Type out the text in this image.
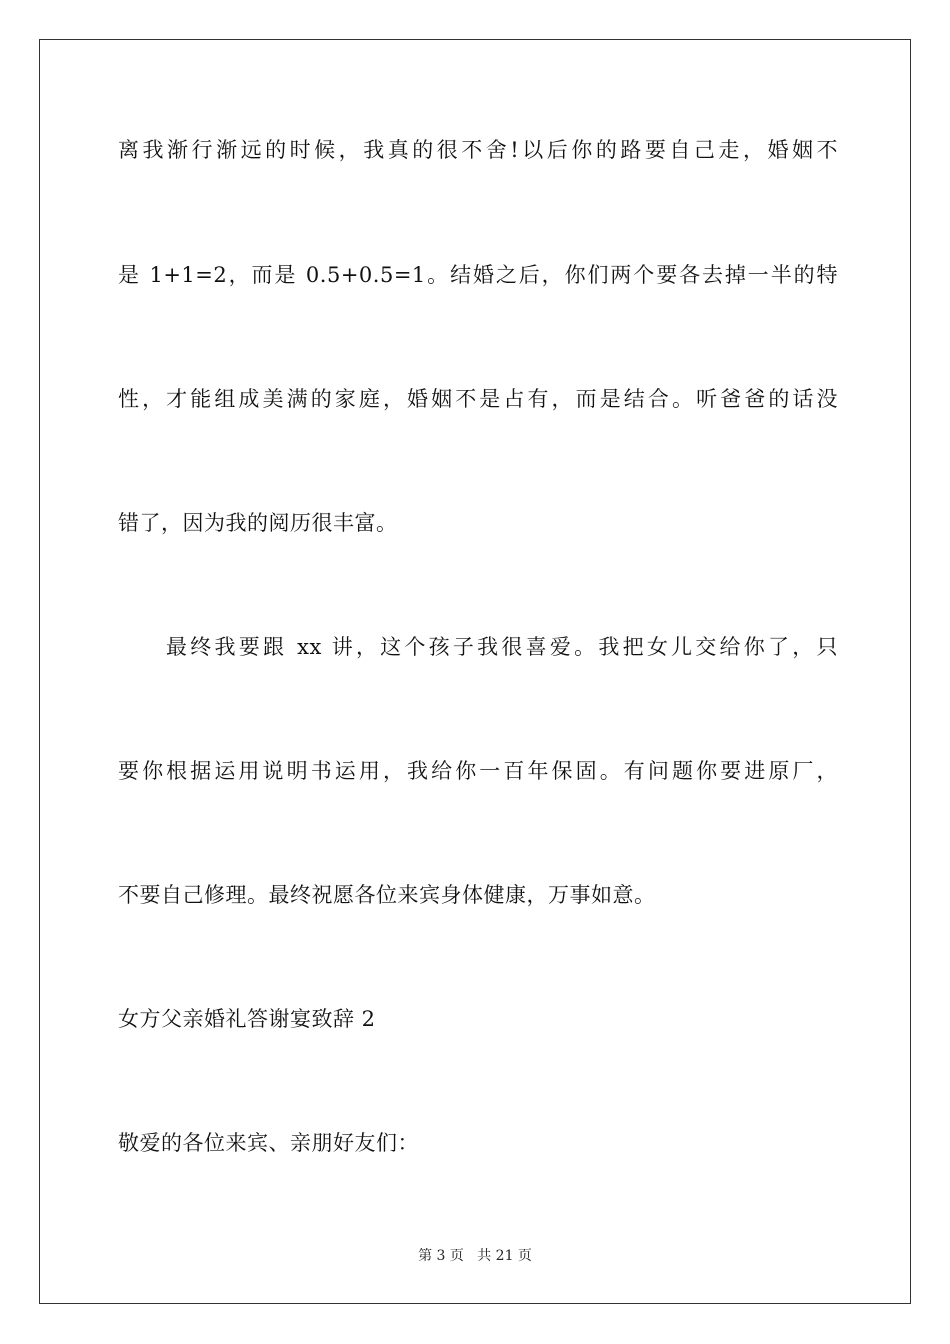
离我渐行渐远的时候，我真的很不舍!以后你的路要自己走，婚姻不
是 1+1=2，而是 0.5+0.5=1。结婚之后，你们两个要各去掉一半的特
性，才能组成美满的家庭，婚姻不是占有，而是结合。听爸爸的话没
错了，因为我的阅历很丰富。
最终我要跟 xx 讲，这个孩子我很喜爱。我把女儿交给你了，只
要你根据运用说明书运用，我给你一百年保固。有问题你要进原厂，
不要自己修理。最终祝愿各位来宾身体健康，万事如意。
女方父亲婚礼答谢宴致辞 2
敬爱的各位来宾、亲朋好友们：
第 3 页   共 21 页
